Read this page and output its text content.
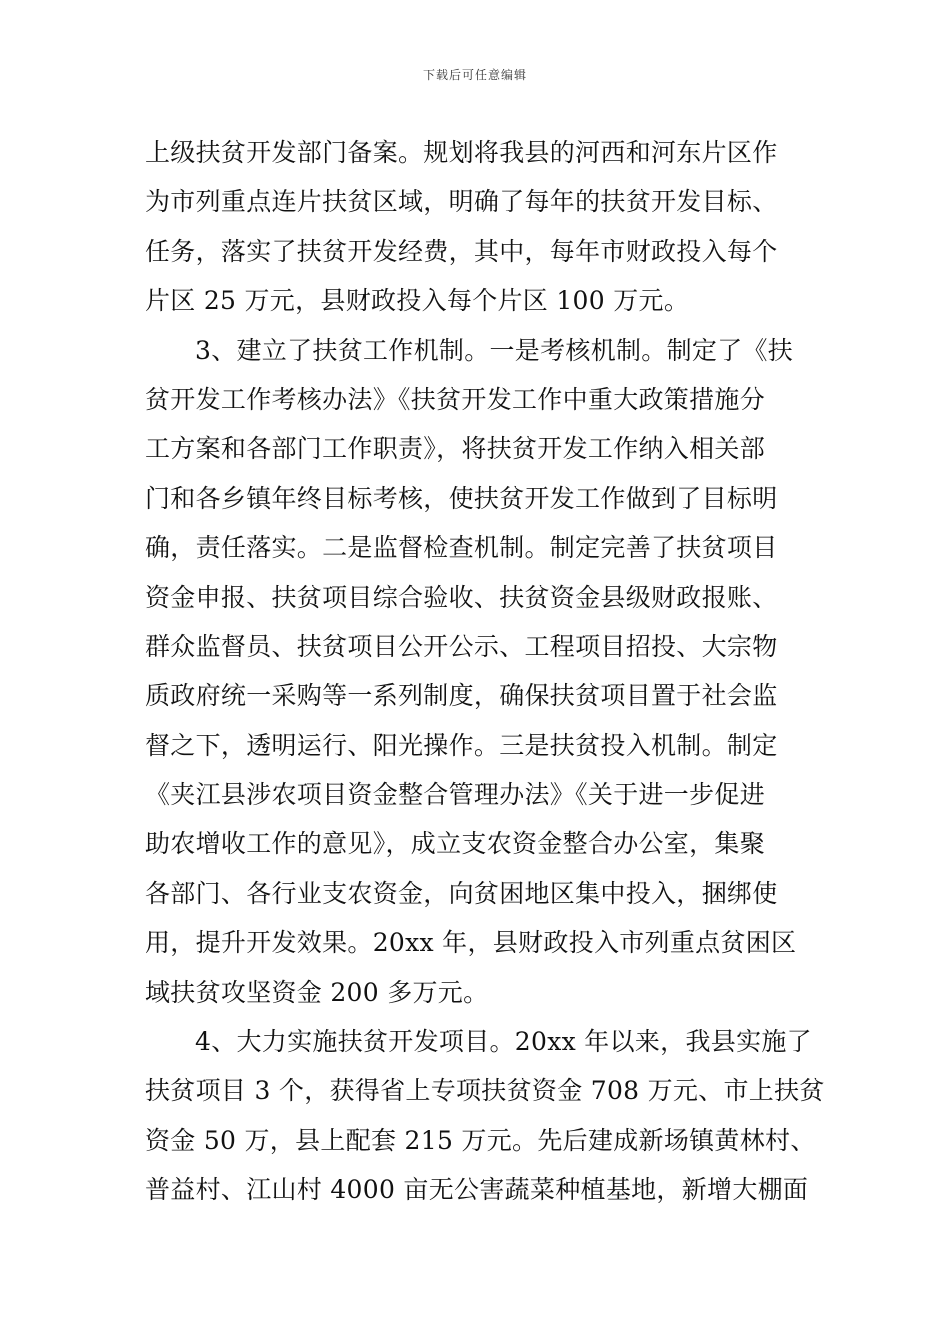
下载后可任意编辑
上级扶贫开发部门备案。规划将我县的河西和河东片区作
为市列重点连片扶贫区域，明确了每年的扶贫开发目标、
任务，落实了扶贫开发经费，其中，每年市财政投入每个
片区 25 万元，县财政投入每个片区 100 万元。
3、建立了扶贫工作机制。一是考核机制。制定了《扶
贫开发工作考核办法》《扶贫开发工作中重大政策措施分
工方案和各部门工作职责》，将扶贫开发工作纳入相关部
门和各乡镇年终目标考核，使扶贫开发工作做到了目标明
确，责任落实。二是监督检查机制。制定完善了扶贫项目
资金申报、扶贫项目综合验收、扶贫资金县级财政报账、
群众监督员、扶贫项目公开公示、工程项目招投、大宗物
质政府统一采购等一系列制度，确保扶贫项目置于社会监
督之下，透明运行、阳光操作。三是扶贫投入机制。制定
《夹江县涉农项目资金整合管理办法》《关于进一步促进
助农增收工作的意见》，成立支农资金整合办公室，集聚
各部门、各行业支农资金，向贫困地区集中投入，捆绑使
用，提升开发效果。20xx 年，县财政投入市列重点贫困区
域扶贫攻坚资金 200 多万元。
4、大力实施扶贫开发项目。20xx 年以来，我县实施了
扶贫项目 3 个，获得省上专项扶贫资金 708 万元、市上扶贫
资金 50 万，县上配套 215 万元。先后建成新场镇黄林村、
普益村、江山村 4000 亩无公害蔬菜种植基地，新增大棚面
